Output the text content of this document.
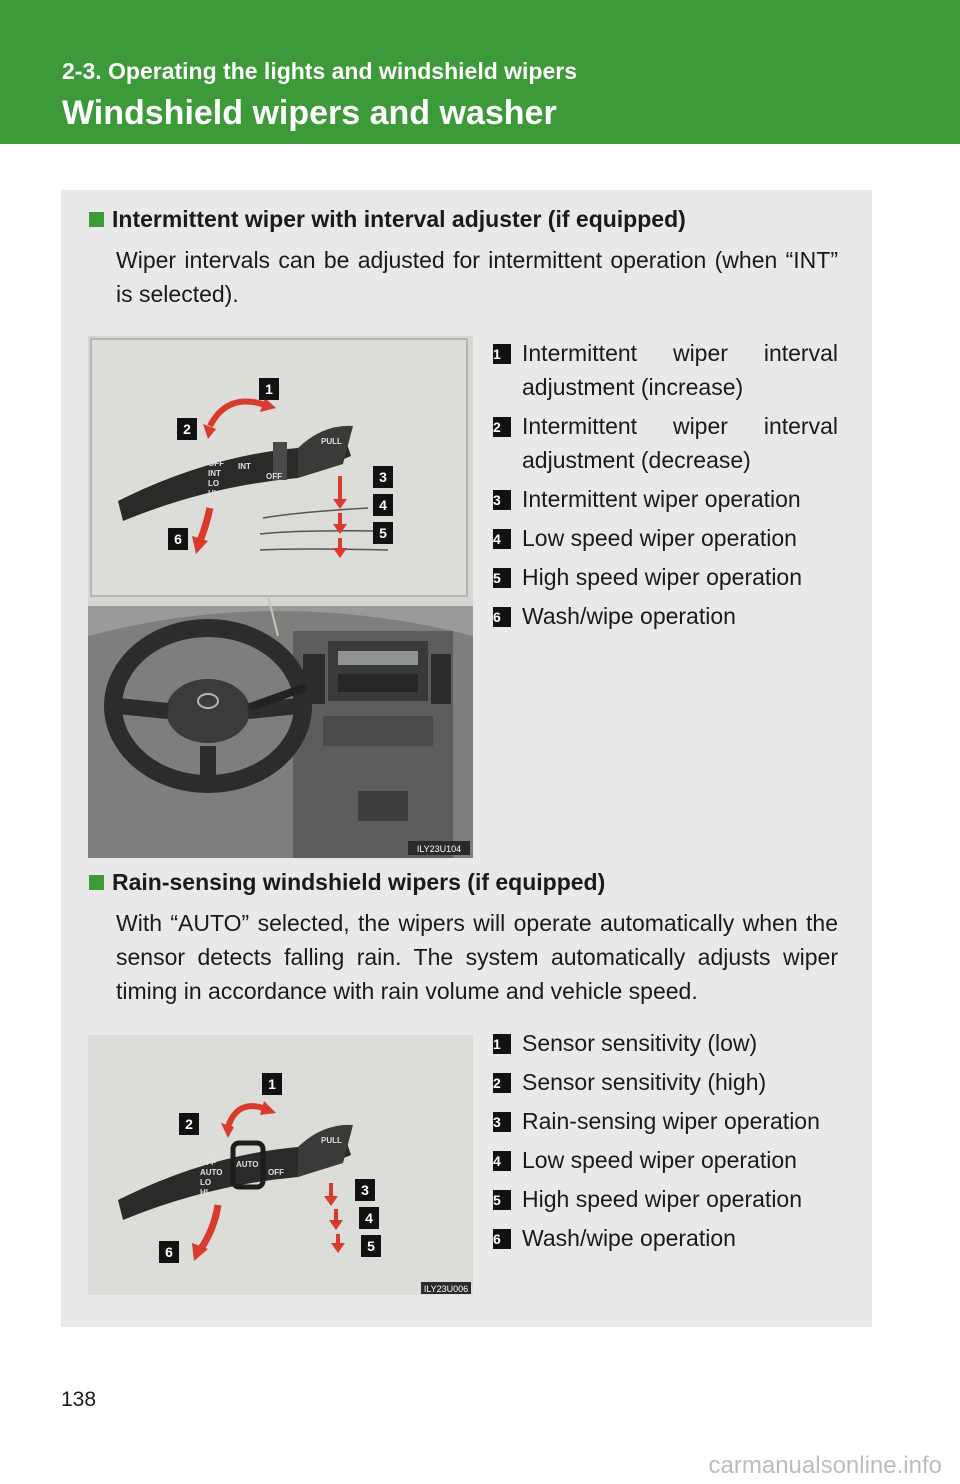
2-3. Operating the lights and windshield wipers
Windshield wipers and washer
Intermittent wiper with interval adjuster (if equipped)
Wiper intervals can be adjusted for intermittent operation (when “INT” is selected).
OFF
INT
LO
HI
INT
OFF
PULL
1
2
3
4
5
6
ILY23U104
1 Intermittent wiper interval adjustment (increase)
2 Intermittent wiper interval adjustment (decrease)
3 Intermittent wiper operation
4 Low speed wiper operation
5 High speed wiper operation
6 Wash/wipe operation
Rain-sensing windshield wipers (if equipped)
With “AUTO” selected, the wipers will operate automatically when the sensor detects falling rain. The system automatically adjusts wiper timing in accordance with rain volume and vehicle speed.
OFF
AUTO
LO
HI
AUTO
OFF
PULL
1
2
3
4
5
6
ILY23U006
1 Sensor sensitivity (low)
2 Sensor sensitivity (high)
3 Rain-sensing wiper operation
4 Low speed wiper operation
5 High speed wiper operation
6 Wash/wipe operation
138
carmanualsonline.info
